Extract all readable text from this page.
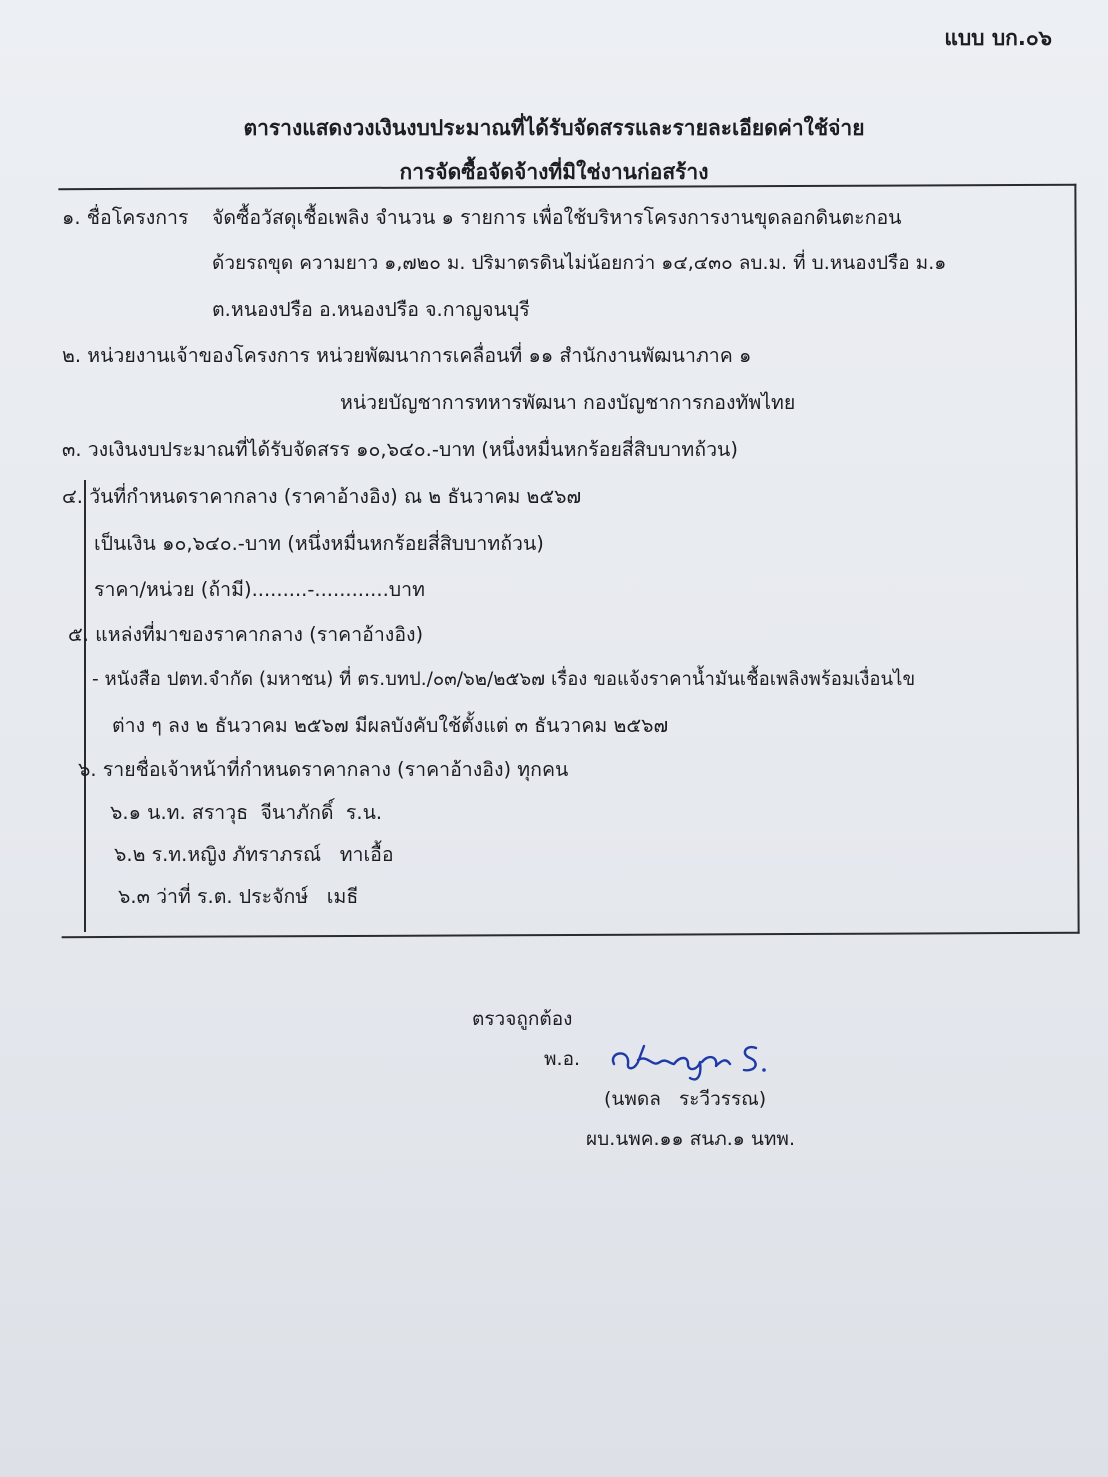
แบบ บก.๐๖
ตารางแสดงวงเงินงบประมาณที่ได้รับจัดสรรและรายละเอียดค่าใช้จ่าย
การจัดซื้อจัดจ้างที่มิใช่งานก่อสร้าง
๑. ชื่อโครงการ จัดซื้อวัสดุเชื้อเพลิง จำนวน ๑ รายการ เพื่อใช้บริหารโครงการงานขุดลอกดินตะกอน
ด้วยรถขุด ความยาว ๑,๗๒๐ ม. ปริมาตรดินไม่น้อยกว่า ๑๔,๔๓๐ ลบ.ม. ที่ บ.หนองปรือ ม.๑
ต.หนองปรือ อ.หนองปรือ จ.กาญจนบุรี
๒. หน่วยงานเจ้าของโครงการ หน่วยพัฒนาการเคลื่อนที่ ๑๑ สำนักงานพัฒนาภาค ๑
หน่วยบัญชาการทหารพัฒนา กองบัญชาการกองทัพไทย
๓. วงเงินงบประมาณที่ได้รับจัดสรร ๑๐,๖๔๐.-บาท (หนึ่งหมื่นหกร้อยสี่สิบบาทถ้วน)
๔. วันที่กำหนดราคากลาง (ราคาอ้างอิง) ณ ๒ ธันวาคม ๒๕๖๗
เป็นเงิน ๑๐,๖๔๐.-บาท (หนึ่งหมื่นหกร้อยสี่สิบบาทถ้วน)
ราคา/หน่วย (ถ้ามี).........-............บาท
๕. แหล่งที่มาของราคากลาง (ราคาอ้างอิง)
- หนังสือ ปตท.จำกัด (มหาชน) ที่ ตร.บทป./๐๓/๖๒/๒๕๖๗ เรื่อง ขอแจ้งราคาน้ำมันเชื้อเพลิงพร้อมเงื่อนไข
ต่าง ๆ ลง ๒ ธันวาคม ๒๕๖๗ มีผลบังคับใช้ตั้งแต่ ๓ ธันวาคม ๒๕๖๗
๖. รายชื่อเจ้าหน้าที่กำหนดราคากลาง (ราคาอ้างอิง) ทุกคน
๖.๑ น.ท. สราวุธ  จีนาภักดิ์  ร.น.
๖.๒ ร.ท.หญิง ภัทราภรณ์   ทาเอื้อ
๖.๓ ว่าที่ ร.ต. ประจักษ์   เมธี
ตรวจถูกต้อง
พ.อ.
(นพดล   ระวีวรรณ)
ผบ.นพค.๑๑ สนภ.๑ นทพ.
